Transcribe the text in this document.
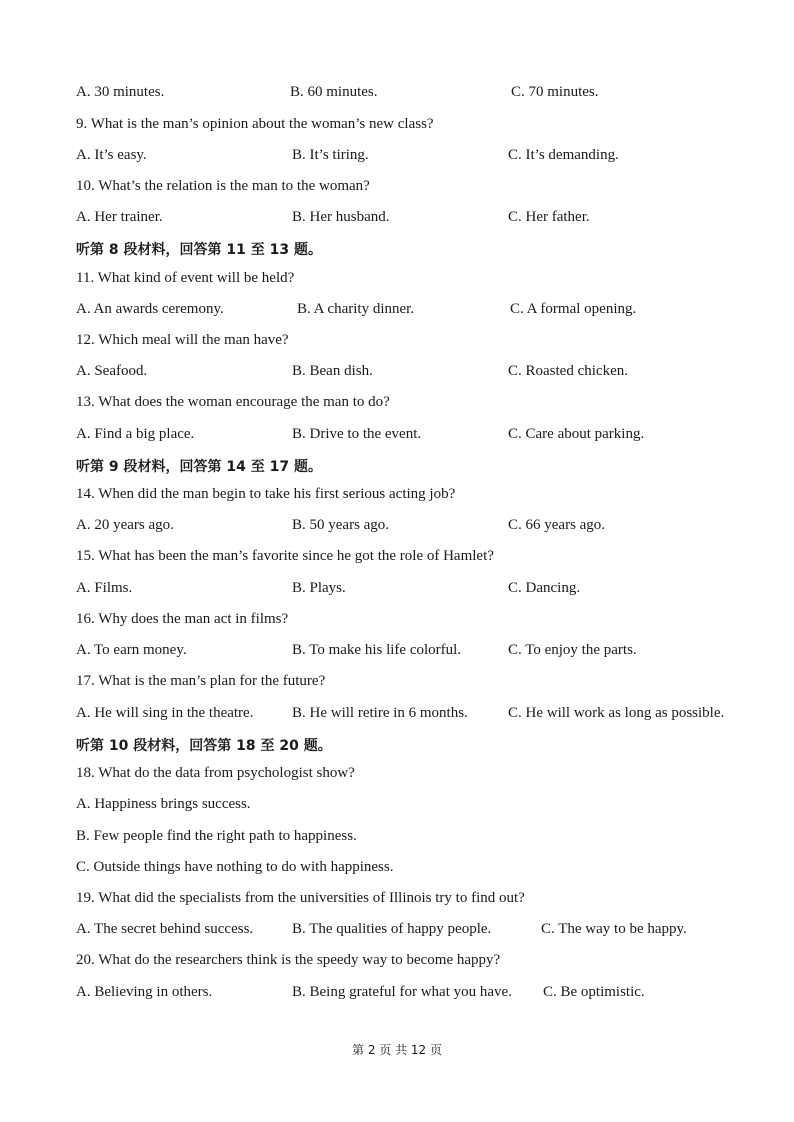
A. 30 minutes.	B. 60 minutes.	C. 70 minutes.
9. What is the man’s opinion about the woman’s new class?
A. It’s easy.	B. It’s tiring.	C. It’s demanding.
10. What’s the relation is the man to the woman?
A. Her trainer.	B. Her husband.	C. Her father.
听第 8 段材料，回答第 11 至 13 题。
11. What kind of event will be held?
A. An awards ceremony.	B. A charity dinner.	C. A formal opening.
12. Which meal will the man have?
A. Seafood.	B. Bean dish.	C. Roasted chicken.
13. What does the woman encourage the man to do?
A. Find a big place.	B. Drive to the event.	C. Care about parking.
听第 9 段材料，回答第 14 至 17 题。
14. When did the man begin to take his first serious acting job?
A. 20 years ago.	B. 50 years ago.	C. 66 years ago.
15. What has been the man’s favorite since he got the role of Hamlet?
A. Films.	B. Plays.	C. Dancing.
16. Why does the man act in films?
A. To earn money.	B. To make his life colorful.	C. To enjoy the parts.
17. What is the man’s plan for the future?
A. He will sing in the theatre.	B. He will retire in 6 months.	C. He will work as long as possible.
听第 10 段材料，回答第 18 至 20 题。
18. What do the data from psychologist show?
A. Happiness brings success.
B. Few people find the right path to happiness.
C. Outside things have nothing to do with happiness.
19. What did the specialists from the universities of Illinois try to find out?
A. The secret behind success.	B. The qualities of happy people.	C. The way to be happy.
20. What do the researchers think is the speedy way to become happy?
A. Believing in others.	B. Being grateful for what you have. C. Be optimistic.
第 2 页 共 12 页
